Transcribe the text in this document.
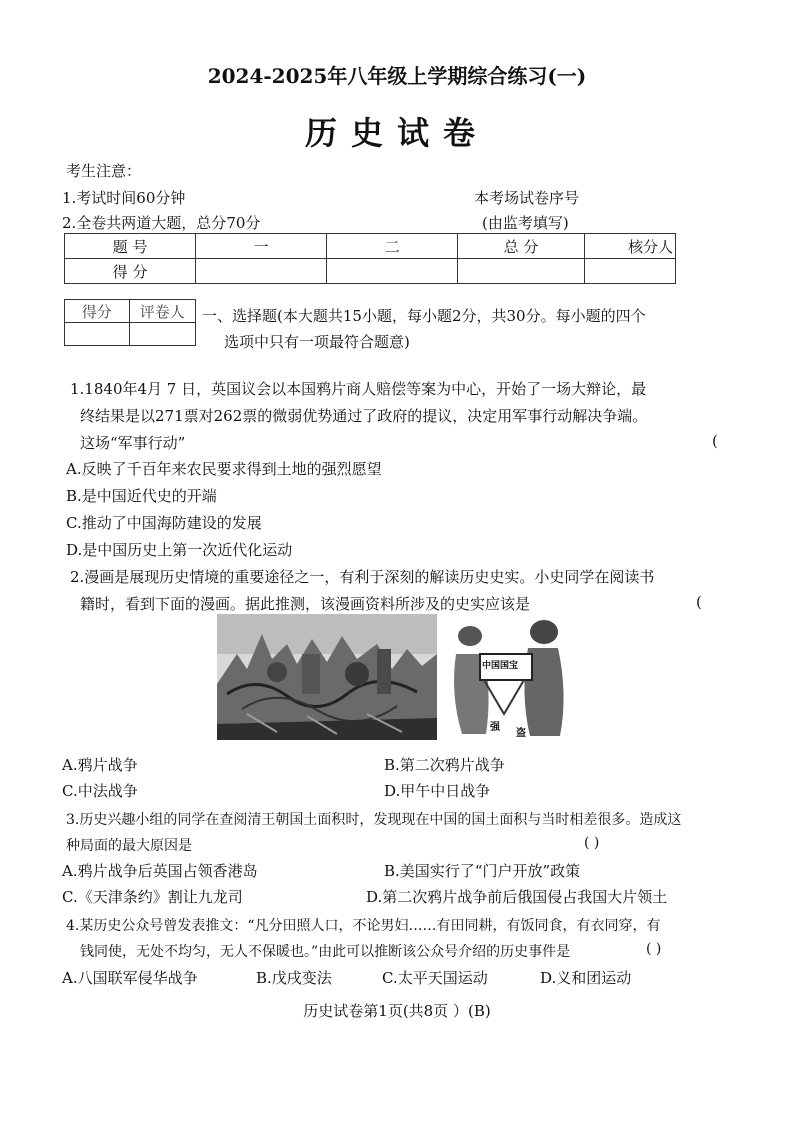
2024-2025年八年级上学期综合练习(一)
历史试卷
考生注意：
1.考试时间60分钟
2.全卷共两道大题，总分70分
本考场试卷序号
(由监考填写)
题 号	一	二	总 分	核分人
得 分				
得分	评卷人
	一、选择题(本大题共15小题，每小题2分，共30分。每小题的四个
选项中只有一项最符合题意)
1.1840年4月 7 日，英国议会以本国鸦片商人赔偿等案为中心，开始了一场大辩论，最
终结果是以271票对262票的微弱优势通过了政府的提议，决定用军事行动解决争端。
这场“军事行动”	(
A.反映了千百年来农民要求得到土地的强烈愿望
B.是中国近代史的开端
C.推动了中国海防建设的发展
D.是中国历史上第一次近代化运动
2.漫画是展现历史情境的重要途径之一，有利于深刻的解读历史史实。小史同学在阅读书
籍时，看到下面的漫画。据此推测，该漫画资料所涉及的史实应该是	(
中国国宝
强
盗
A.鸦片战争	B.第二次鸦片战争
C.中法战争	D.甲午中日战争
3.历史兴趣小组的同学在查阅清王朝国土面积时，发现现在中国的国土面积与当时相差很多。造成这
种局面的最大原因是	( )
A.鸦片战争后英国占领香港岛	B.美国实行了“门户开放”政策
C.《天津条约》割让九龙司	D.第二次鸦片战争前后俄国侵占我国大片领土
4.某历史公众号曾发表推文：“凡分田照人口，不论男妇……有田同耕，有饭同食，有衣同穿，有
钱同使，无处不均匀，无人不保暖也。”由此可以推断该公众号介绍的历史事件是	( )
A.八国联军侵华战争	B.戊戌变法	C.太平天国运动	D.义和团运动
历史试卷第1页(共8页 ）(B)
